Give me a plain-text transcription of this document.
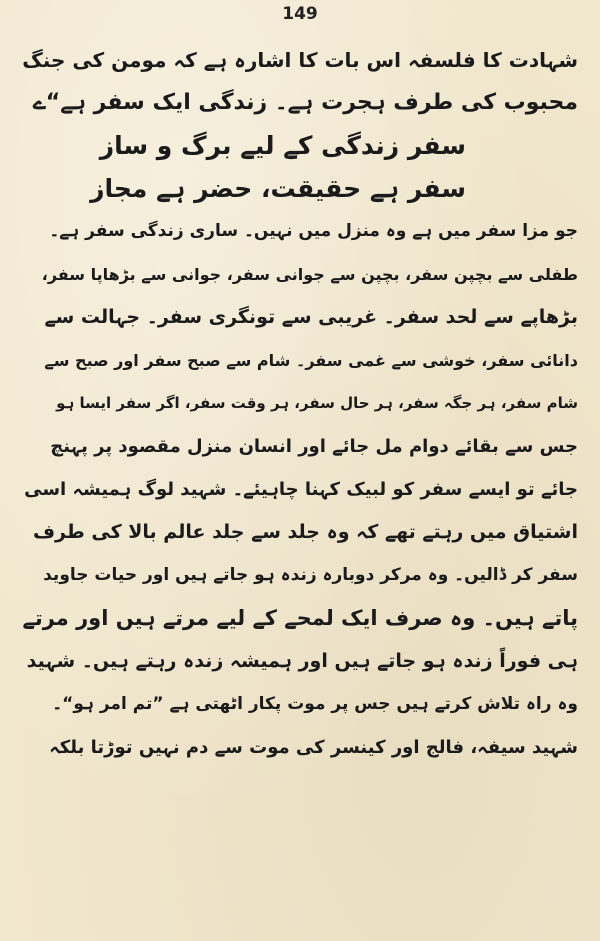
149
شہادت کا فلسفہ اس بات کا اشارہ ہے کہ مومن کی جنگ
محبوب کی طرف ہجرت ہے۔ زندگی ایک سفر ہے“ے
سفر زندگی کے لیے برگ و ساز
سفر ہے حقیقت، حضر ہے مجاز
جو مزا سفر میں ہے وہ منزل میں نہیں۔ ساری زندگی سفر ہے۔
طفلی سے بچپن سفر، بچپن سے جوانی سفر، جوانی سے بڑھاپا سفر،
بڑھاپے سے لحد سفر۔ غریبی سے تونگری سفر۔ جہالت سے
دانائی سفر، خوشی سے غمی سفر۔ شام سے صبح سفر اور صبح سے
شام سفر، ہر جگہ سفر، ہر حال سفر، ہر وقت سفر، اگر سفر ایسا ہو
جس سے بقائے دوام مل جائے اور انسان منزل مقصود پر پہنچ
جائے تو ایسے سفر کو لبیک کہنا چاہیئے۔ شہید لوگ ہمیشہ اسی
اشتیاق میں رہتے تھے کہ وہ جلد سے جلد عالم بالا کی طرف
سفر کر ڈالیں۔ وہ مرکر دوبارہ زندہ ہو جاتے ہیں اور حیات جاوید
پاتے ہیں۔ وہ صرف ایک لمحے کے لیے مرتے ہیں اور مرتے
ہی فوراً زندہ ہو جاتے ہیں اور ہمیشہ زندہ رہتے ہیں۔ شہید
وہ راہ تلاش کرتے ہیں جس پر موت پکار اٹھتی ہے ”تم امر ہو“۔
شہید سیفہ، فالج اور کینسر کی موت سے دم نہیں توڑتا بلکہ
